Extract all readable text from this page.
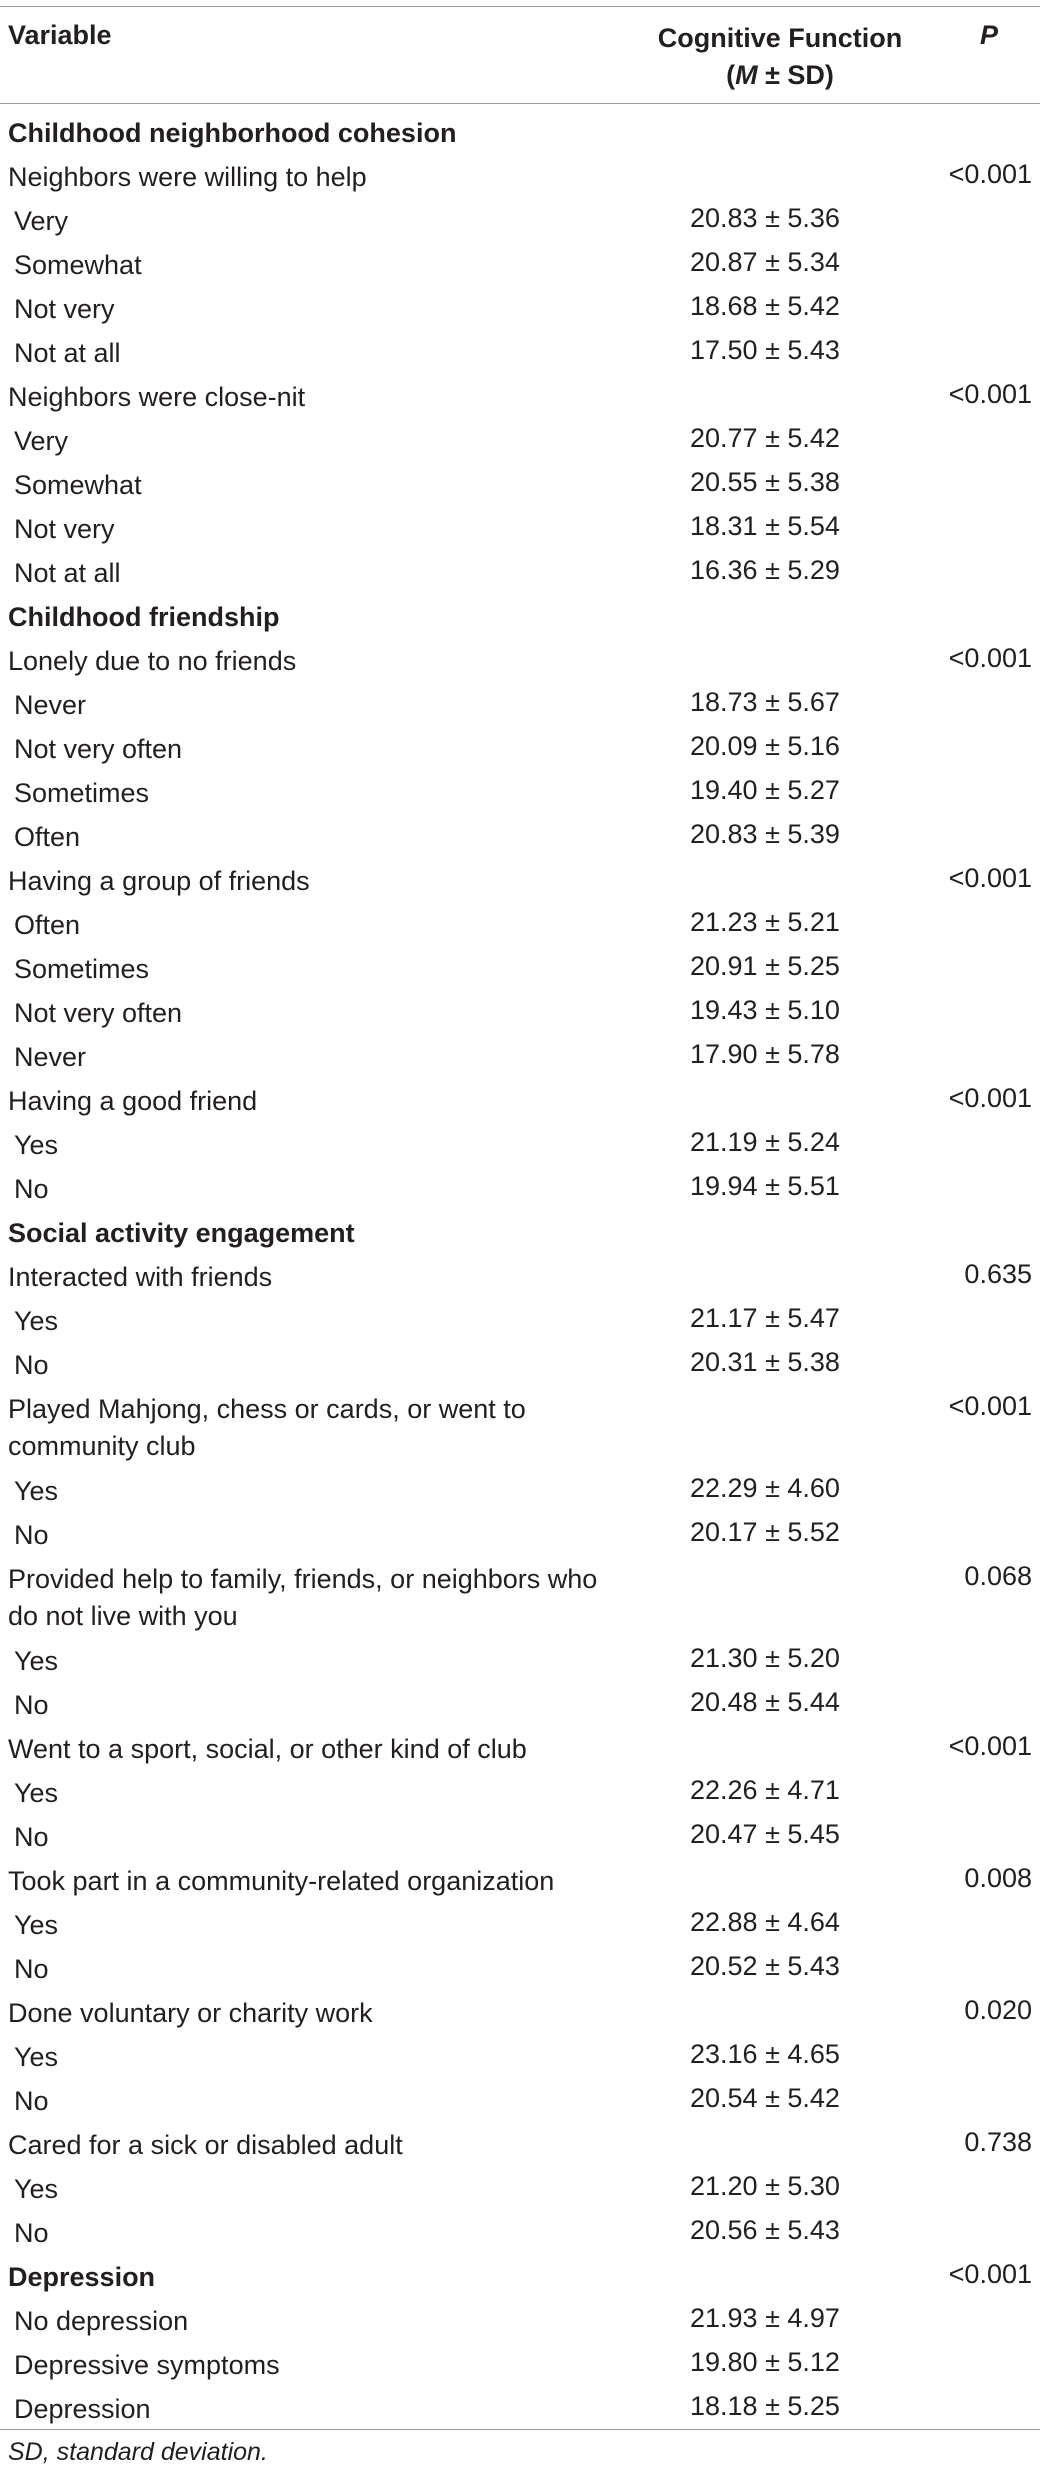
Variable	Cognitive Function
(M ± SD)
P
Childhood neighborhood cohesion
Neighbors were willing to help	<0.001
Very	20.83 ± 5.36
Somewhat	20.87 ± 5.34
Not very	18.68 ± 5.42
Not at all	17.50 ± 5.43
Neighbors were close-nit	<0.001
Very	20.77 ± 5.42
Somewhat	20.55 ± 5.38
Not very	18.31 ± 5.54
Not at all	16.36 ± 5.29
Childhood friendship
Lonely due to no friends	<0.001
Never	18.73 ± 5.67
Not very often	20.09 ± 5.16
Sometimes	19.40 ± 5.27
Often	20.83 ± 5.39
Having a group of friends	<0.001
Often	21.23 ± 5.21
Sometimes	20.91 ± 5.25
Not very often	19.43 ± 5.10
Never	17.90 ± 5.78
Having a good friend	<0.001
Yes	21.19 ± 5.24
No	19.94 ± 5.51
Social activity engagement
Interacted with friends	0.635
Yes	21.17 ± 5.47
No	20.31 ± 5.38
Played Mahjong, chess or cards, or went to community club
<0.001
Yes	22.29 ± 4.60
No	20.17 ± 5.52
Provided help to family, friends, or neighbors who do not live with you
0.068
Yes	21.30 ± 5.20
No	20.48 ± 5.44
Went to a sport, social, or other kind of club	<0.001
Yes	22.26 ± 4.71
No	20.47 ± 5.45
Took part in a community-related organization	0.008
Yes	22.88 ± 4.64
No	20.52 ± 5.43
Done voluntary or charity work	0.020
Yes	23.16 ± 4.65
No	20.54 ± 5.42
Cared for a sick or disabled adult	0.738
Yes	21.20 ± 5.30
No	20.56 ± 5.43
Depression	<0.001
No depression	21.93 ± 4.97
Depressive symptoms	19.80 ± 5.12
Depression	18.18 ± 5.25
SD, standard deviation.
